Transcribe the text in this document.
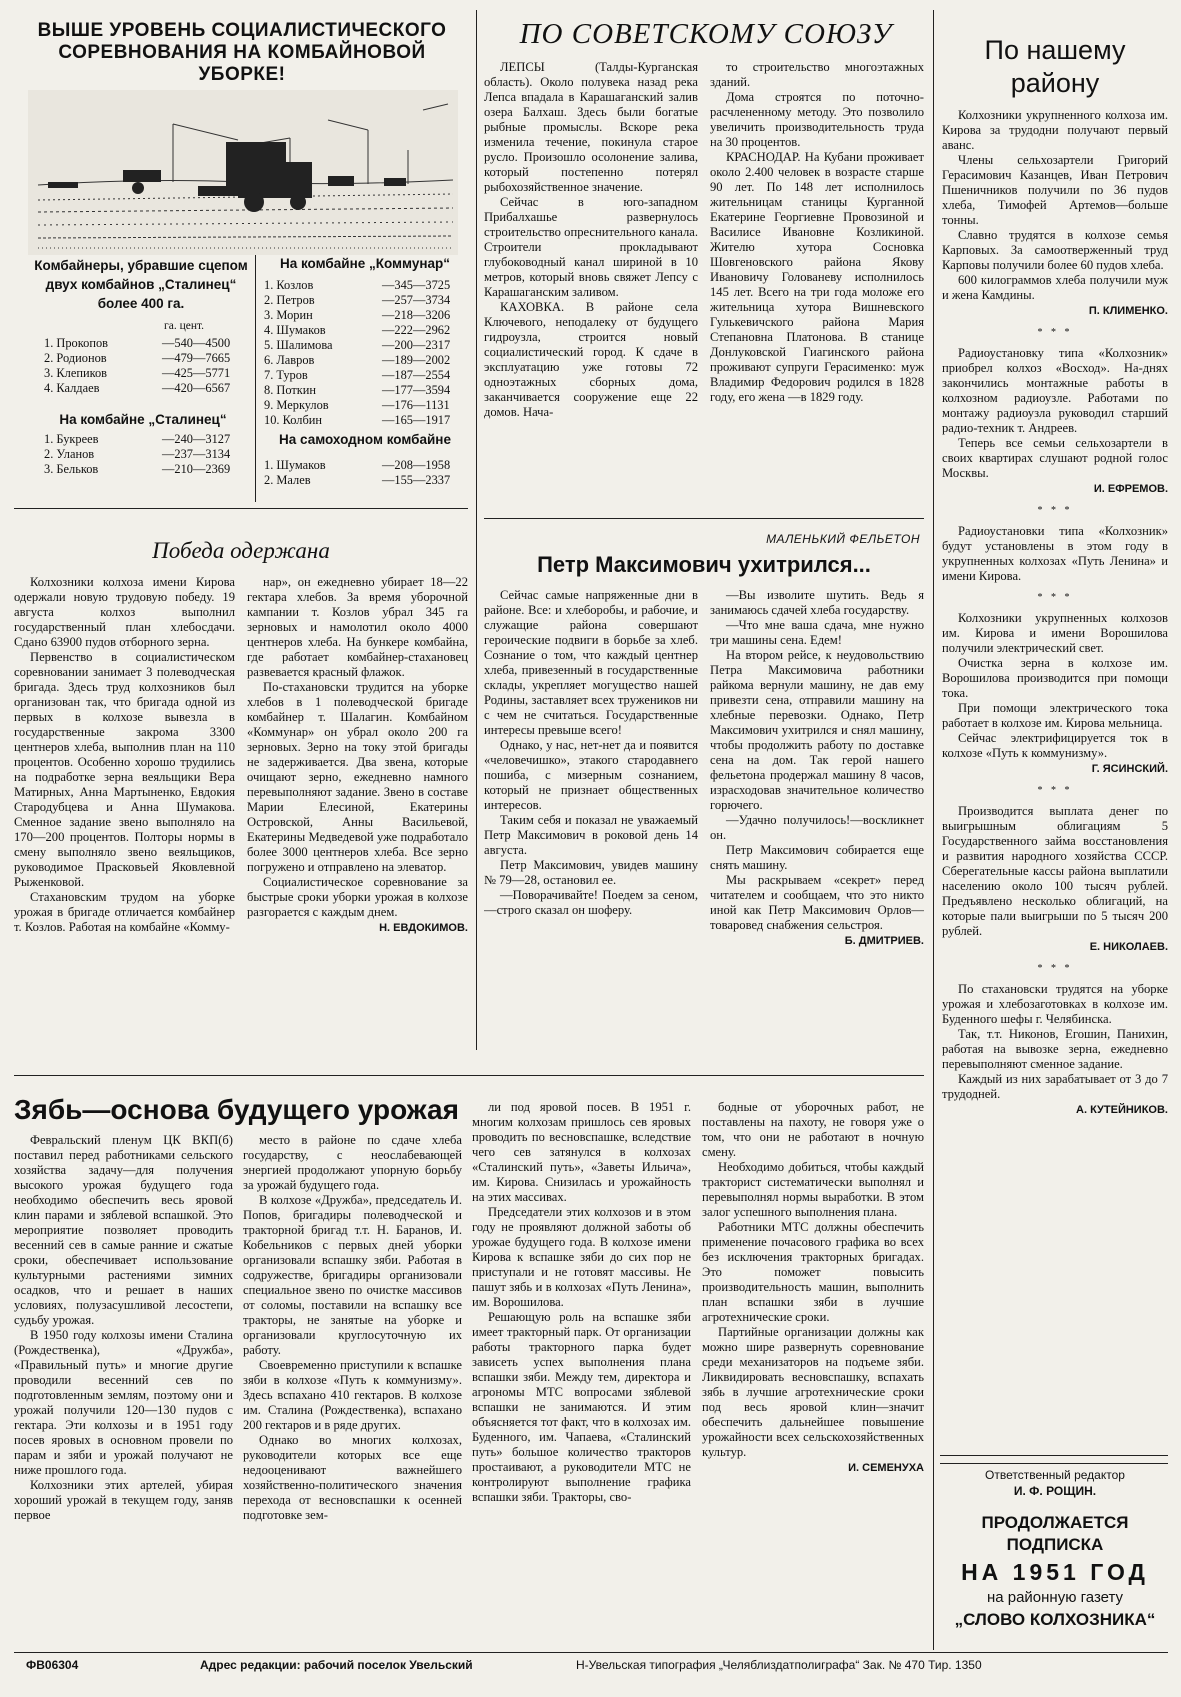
ВЫШЕ УРОВЕНЬ СОЦИАЛИСТИЧЕСКОГО СОРЕВНОВАНИЯ НА КОМБАЙНОВОЙ УБОРКЕ!
Комбайнеры, убравшие сцепом двух комбайнов „Сталинец“ более 400 га.
га. цент.
1. Прокопов	—540—4500
2. Родионов	—479—7665
3. Клепиков	—425—5771
4. Калдаев	—420—6567
На комбайне „Сталинец“
1. Букреев	—240—3127
2. Уланов	—237—3134
3. Бельков	—210—2369
На комбайне „Коммунар“
1. Козлов	—345—3725
2. Петров	—257—3734
3. Морин	—218—3206
4. Шумаков	—222—2962
5. Шалимова	—200—2317
6. Лавров	—189—2002
7. Туров	—187—2554
8. Поткин	—177—3594
9. Меркулов	—176—1131
10. Колбин	—165—1917
На самоходном комбайне
1. Шумаков	—208—1958
2. Малев	—155—2337
ПО СОВЕТСКОМУ СОЮЗУ

ЛЕПСЫ (Талды-Курганская область). Около полувека назад река Лепса впадала в Карашаганский залив озера Балхаш. Здесь были богатые рыбные промыслы. Вскоре река изменила течение, покинула старое русло. Произошло осолонение залива, который постепенно потерял рыбохозяйственное значение.

Сейчас в юго-западном Прибалхашье развернулось строительство опреснительного канала. Строители прокладывают глубоководный канал шириной в 10 метров, который вновь свяжет Лепсу с Карашаганским заливом.

КАХОВКА. В районе села Ключевого, неподалеку от будущего гидроузла, строится новый социалистический город. К сдаче в эксплуатацию уже готовы 72 одноэтажных сборных дома, заканчивается сооружение еще 22 домов. Нача-

то строительство многоэтажных зданий.

Дома строятся по поточно-расчлененному методу. Это позволило увеличить производительность труда на 30 процентов.

КРАСНОДАР. На Кубани проживает около 2.400 человек в возрасте старше 90 лет. По 148 лет исполнилось жительницам станицы Курганной Екатерине Георгиевне Провозиной и Василисе Ивановне Козликиной. Жителю хутора Сосновка Шовгеновского района Якову Ивановичу Голованеву исполнилось 145 лет. Всего на три года моложе его жительница хутора Вишневского Гулькевичского района Мария Степановна Платонова. В станице Донлуковской Гиагинского района проживают супруги Герасименко: муж Владимир Федорович родился в 1828 году, его жена —в 1829 году.

Победа одержана

Колхозники колхоза имени Кирова одержали новую трудовую победу. 19 августа колхоз выполнил государственный план хлебосдачи. Сдано 63900 пудов отборного зерна.

Первенство в социалистическом соревновании занимает 3 полеводческая бригада. Здесь труд колхозников был организован так, что бригада одной из первых в колхозе вывезла в государственные закрома 3300 центнеров хлеба, выполнив план на 110 процентов. Особенно хорошо трудились на подработке зерна веяльщики Вера Матирных, Анна Мартыненко, Евдокия Стародубцева и Анна Шумакова. Сменное задание звено выполняло на 170—200 процентов. Полторы нормы в смену выполняло звено веяльщиков, руководимое Прасковьей Яковлевной Рыженковой.

Стахановским трудом на уборке урожая в бригаде отличается комбайнер т. Козлов. Работая на комбайне «Комму-

нар», он ежедневно убирает 18—22 гектара хлебов. За время уборочной кампании т. Козлов убрал 345 га зерновых и намолотил около 4000 центнеров хлеба. На бункере комбайна, где работает комбайнер-стахановец развевается красный флажок.

По-стахановски трудится на уборке хлебов в 1 полеводческой бригаде комбайнер т. Шалагин. Комбайном «Коммунар» он убрал около 200 га зерновых. Зерно на току этой бригады не задерживается. Два звена, которые очищают зерно, ежедневно намного перевыполняют задание. Звено в составе Марии Елесиной, Екатерины Островской, Анны Васильевой, Екатерины Медведевой уже подработало более 3000 центнеров хлеба. Все зерно погружено и отправлено на элеватор.

Социалистическое соревнование за быстрые сроки уборки урожая в колхозе разгорается с каждым днем.

Н. ЕВДОКИМОВ.
МАЛЕНЬКИЙ ФЕЛЬЕТОН
Петр Максимович ухитрился...

Сейчас самые напряженные дни в районе. Все: и хлеборобы, и рабочие, и служащие района совершают героические подвиги в борьбе за хлеб. Сознание о том, что каждый центнер хлеба, привезенный в государственные склады, укрепляет могущество нашей Родины, заставляет всех тружеников ни с чем не считаться. Государственные интересы превыше всего!

Однако, у нас, нет-нет да и появится «человечишко», этакого стародавнего пошиба, с мизерным сознанием, который не признает общественных интересов.

Таким себя и показал не уважаемый Петр Максимович в роковой день 14 августа.

Петр Максимович, увидев машину № 79—28, остановил ее.

—Поворачивайте! Поедем за сеном,—строго сказал он шоферу.

—Вы изволите шутить. Ведь я занимаюсь сдачей хлеба государству.

—Что мне ваша сдача, мне нужно три машины сена. Едем!

На втором рейсе, к неудовольствию Петра Максимовича работники райкома вернули машину, не дав ему привезти сена, отправили машину на хлебные перевозки. Однако, Петр Максимович ухитрился и снял машину, чтобы продолжить работу по доставке сена на дом. Так герой нашего фельетона продержал машину 8 часов, израсходовав значительное количество горючего.

—Удачно получилось!—воскликнет он.

Петр Максимович собирается еще снять машину.

Мы раскрываем «секрет» перед читателем и сообщаем, что это никто иной как Петр Максимович Орлов—товаровед снабжения сельстроя.

Б. ДМИТРИЕВ.
По нашему району

Колхозники укрупненного колхоза им. Кирова за трудодни получают первый аванс.

Члены сельхозартели Григорий Герасимович Казанцев, Иван Петрович Пшеничников получили по 36 пудов хлеба, Тимофей Артемов—больше тонны.

Славно трудятся в колхозе семья Карповых. За самоотверженный труд Карповы получили более 60 пудов хлеба.

600 килограммов хлеба получили муж и жена Камдины.

П. КЛИМЕНКО.
* * *

Радиоустановку типа «Колхозник» приобрел колхоз «Восход». На-днях закончились монтажные работы в колхозном радиоузле. Работами по монтажу радиоузла руководил старший радио-техник т. Андреев.

Теперь все семьи сельхозартели в своих квартирах слушают родной голос Москвы.

И. ЕФРЕМОВ.
* * *

Радиоустановки типа «Колхозник» будут установлены в этом году в укрупненных колхозах «Путь Ленина» и имени Кирова.

* * *

Колхозники укрупненных колхозов им. Кирова и имени Ворошилова получили электрический свет.

Очистка зерна в колхозе им. Ворошилова производится при помощи тока.

При помощи электрического тока работает в колхозе им. Кирова мельница.

Сейчас электрифицируется ток в колхозе «Путь к коммунизму».

Г. ЯСИНСКИЙ.
* * *

Производится выплата денег по выигрышным облигациям 5 Государственного займа восстановления и развития народного хозяйства СССР. Сберегательные кассы района выплатили населению около 100 тысяч рублей. Предъявлено несколько облигаций, на которые пали выигрыши по 5 тысяч 200 рублей.

Е. НИКОЛАЕВ.
* * *

По стахановски трудятся на уборке урожая и хлебозаготовках в колхозе им. Буденного шефы г. Челябинска.

Так, т.т. Никонов, Егошин, Панихин, работая на вывозке зерна, ежедневно перевыполняют сменное задание.

Каждый из них зарабатывает от 3 до 7 трудодней.

А. КУТЕЙНИКОВ.
Ответственный редактор
И. Ф. РОЩИН.
ПРОДОЛЖАЕТСЯ
ПОДПИСКА
НА 1951 ГОД
на районную газету
„СЛОВО КОЛХОЗНИКА“
Зябь—основа будущего урожая

Февральский пленум ЦК ВКП(б) поставил перед работниками сельского хозяйства задачу—для получения высокого урожая будущего года необходимо обеспечить весь яровой клин парами и зяблевой вспашкой. Это мероприятие позволяет проводить весенний сев в самые ранние и сжатые сроки, обеспечивает использование культурными растениями зимних осадков, что и решает в наших условиях, полузасушливой лесостепи, судьбу урожая.

В 1950 году колхозы имени Сталина (Рождественка), «Дружба», «Правильный путь» и многие другие проводили весенний сев по подготовленным землям, поэтому они и урожай получили 120—130 пудов с гектара. Эти колхозы и в 1951 году посев яровых в основном провели по парам и зяби и урожай получают не ниже прошлого года.

Колхозники этих артелей, убирая хороший урожай в текущем году, заняв первое

место в районе по сдаче хлеба государству, с неослабевающей энергией продолжают упорную борьбу за урожай будущего года.

В колхозе «Дружба», председатель И. Попов, бригадиры полеводческой и тракторной бригад т.т. Н. Баранов, И. Кобельников с первых дней уборки организовали вспашку зяби. Работая в содружестве, бригадиры организовали специальное звено по очистке массивов от соломы, поставили на вспашку все тракторы, не занятые на уборке и организовали круглосуточную их работу.

Своевременно приступили к вспашке зяби в колхозе «Путь к коммунизму». Здесь вспахано 410 гектаров. В колхозе им. Сталина (Рождественка), вспахано 200 гектаров и в ряде других.

Однако во многих колхозах, руководители которых все еще недооценивают важнейшего хозяйственно-политического значения перехода от весновспашки к осенней подготовке зем-

ли под яровой посев. В 1951 г. многим колхозам пришлось сев яровых проводить по весновспашке, вследствие чего сев затянулся в колхозах «Сталинский путь», «Заветы Ильича», им. Кирова. Снизилась и урожайность на этих массивах.

Председатели этих колхозов и в этом году не проявляют должной заботы об урожае будущего года. В колхозе имени Кирова к вспашке зяби до сих пор не приступали и не готовят массивы. Не пашут зябь и в колхозах «Путь Ленина», им. Ворошилова.

Решающую роль на вспашке зяби имеет тракторный парк. От организации работы тракторного парка будет зависеть успех выполнения плана вспашки зяби. Между тем, директора и агрономы МТС вопросами зяблевой вспашки не занимаются. И этим объясняется тот факт, что в колхозах им. Буденного, им. Чапаева, «Сталинский путь» большое количество тракторов простаивают, а руководители МТС не контролируют выполнение графика вспашки зяби. Тракторы, сво-

бодные от уборочных работ, не поставлены на пахоту, не говоря уже о том, что они не работают в ночную смену.

Необходимо добиться, чтобы каждый тракторист систематически выполнял и перевыполнял нормы выработки. В этом залог успешного выполнения плана.

Работники МТС должны обеспечить применение почасового графика во всех без исключения тракторных бригадах. Это поможет повысить производительность машин, выполнить план вспашки зяби в лучшие агротехнические сроки.

Партийные организации должны как можно шире развернуть соревнование среди механизаторов на подъеме зяби. Ликвидировать весновспашку, вспахать зябь в лучшие агротехнические сроки под весь яровой клин—значит обеспечить дальнейшее повышение урожайности всех сельскохозяйственных культур.

И. СЕМЕНУХА
ФВ06304	Адрес редакции: рабочий поселок Увельский	Н-Увельская типография „Челяблиздатполиграфа“ Зак. № 470 Тир. 1350
